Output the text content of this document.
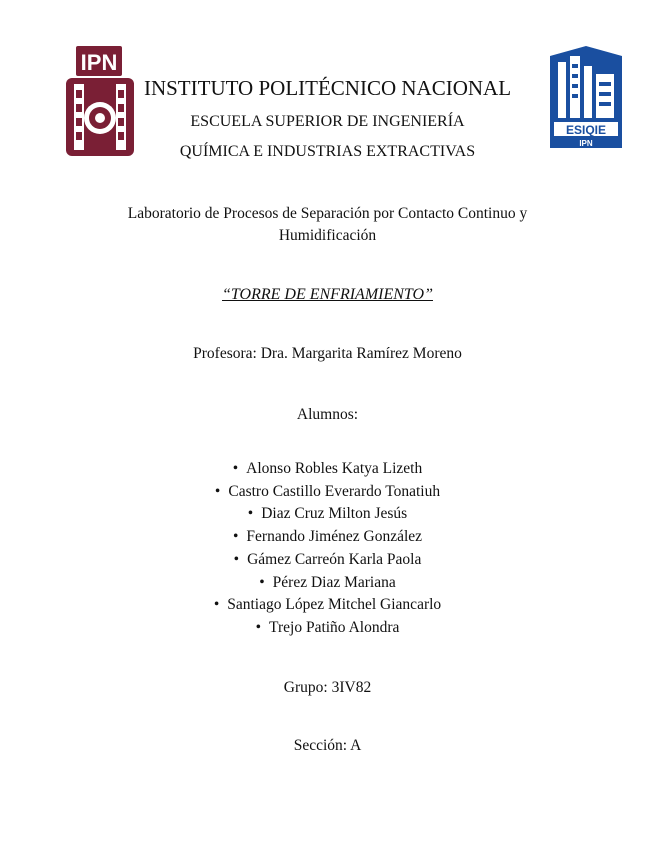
IPN
ESIQIE
IPN
INSTITUTO POLITÉCNICO NACIONAL
ESCUELA SUPERIOR DE INGENIERÍA
QUÍMICA E INDUSTRIAS EXTRACTIVAS
Laboratorio de Procesos de Separación por Contacto Continuo y
Humidificación
“TORRE DE ENFRIAMIENTO”
Profesora: Dra. Margarita Ramírez Moreno
Alumnos:
• Alonso Robles Katya Lizeth
• Castro Castillo Everardo Tonatiuh
• Diaz Cruz Milton Jesús
• Fernando Jiménez González
• Gámez Carreón Karla Paola
• Pérez Diaz Mariana
• Santiago López Mitchel Giancarlo
• Trejo Patiño Alondra
Grupo: 3IV82
Sección: A
